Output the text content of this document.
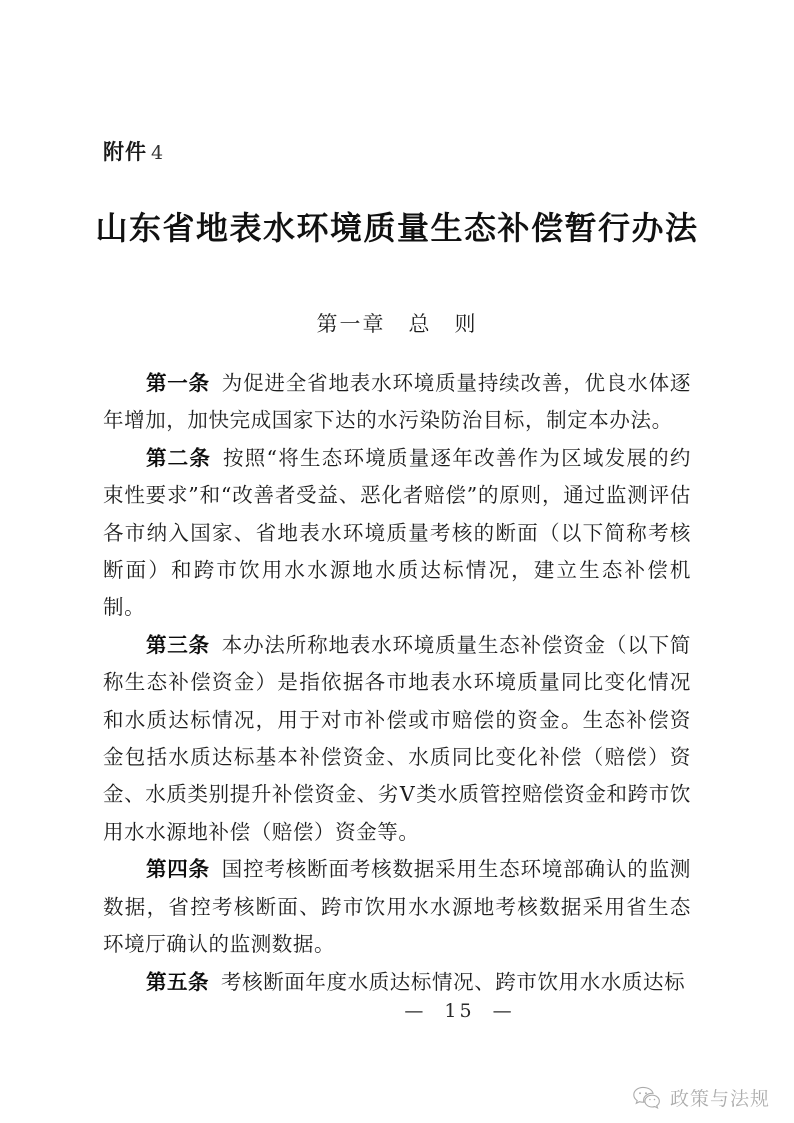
附件 4
山东省地表水环境质量生态补偿暂行办法
第一章　总　则

第一条 为促进全省地表水环境质量持续改善，优良水体逐年增加，加快完成国家下达的水污染防治目标，制定本办法。

第二条 按照“将生态环境质量逐年改善作为区域发展的约束性要求”和“改善者受益、恶化者赔偿”的原则，通过监测评估各市纳入国家、省地表水环境质量考核的断面（以下简称考核断面）和跨市饮用水水源地水质达标情况，建立生态补偿机制。

第三条 本办法所称地表水环境质量生态补偿资金（以下简称生态补偿资金）是指依据各市地表水环境质量同比变化情况和水质达标情况，用于对市补偿或市赔偿的资金。生态补偿资金包括水质达标基本补偿资金、水质同比变化补偿（赔偿）资金、水质类别提升补偿资金、劣Ⅴ类水质管控赔偿资金和跨市饮用水水源地补偿（赔偿）资金等。

第四条 国控考核断面考核数据采用生态环境部确认的监测数据，省控考核断面、跨市饮用水水源地考核数据采用省生态环境厅确认的监测数据。

第五条 考核断面年度水质达标情况、跨市饮用水水质达标

—  15  —
政策与法规
